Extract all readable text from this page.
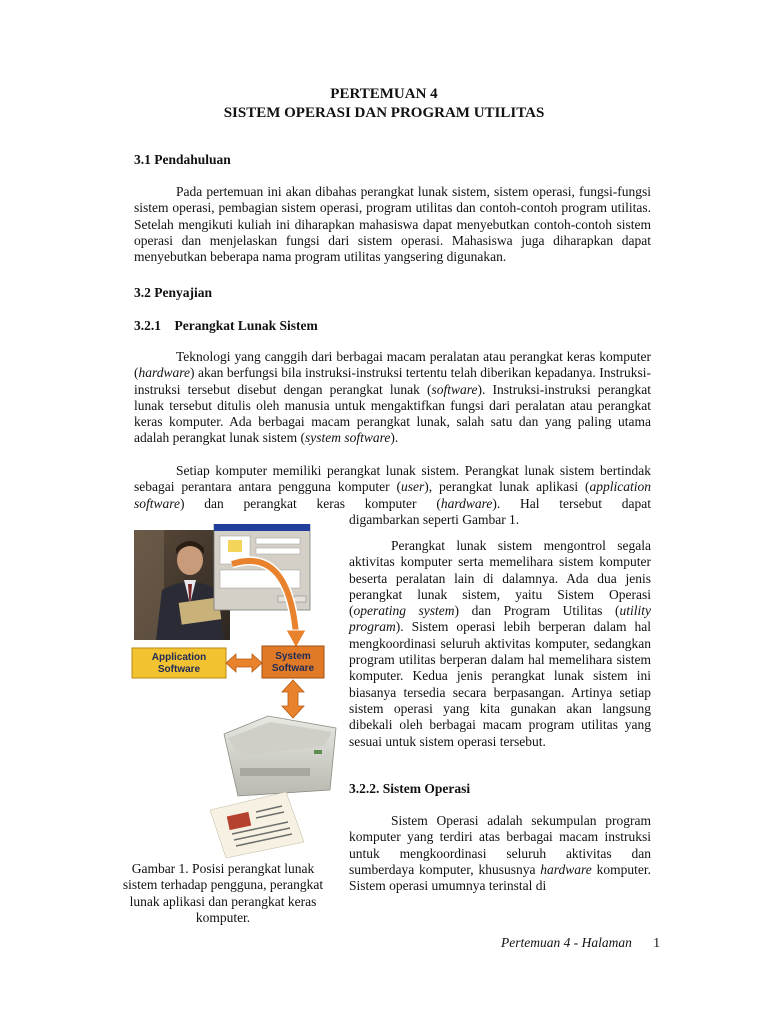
PERTEMUAN 4
SISTEM OPERASI DAN PROGRAM UTILITAS
3.1 Pendahuluan

Pada pertemuan ini akan dibahas perangkat lunak sistem, sistem operasi, fungsi-fungsi sistem operasi, pembagian sistem operasi, program utilitas dan contoh-contoh program utilitas. Setelah mengikuti kuliah ini diharapkan mahasiswa dapat menyebutkan contoh-contoh sistem operasi dan menjelaskan fungsi dari sistem operasi. Mahasiswa juga diharapkan dapat menyebutkan beberapa nama program utilitas yangsering digunakan.

3.2 Penyajian
3.2.1    Perangkat Lunak Sistem

Teknologi yang canggih dari berbagai macam peralatan atau perangkat keras komputer (hardware) akan berfungsi bila instruksi-instruksi tertentu telah diberikan kepadanya. Instruksi-instruksi tersebut disebut dengan perangkat lunak (software). Instruksi-instruksi perangkat lunak tersebut ditulis oleh manusia untuk mengaktifkan fungsi dari peralatan atau perangkat keras komputer. Ada berbagai macam perangkat lunak, salah satu dan yang paling utama adalah perangkat lunak sistem (system software).

Setiap komputer memiliki perangkat lunak sistem. Perangkat lunak sistem bertindak sebagai perantara antara pengguna komputer (user), perangkat lunak aplikasi (application software) dan perangkat keras komputer (hardware). Hal tersebut dapat

digambarkan seperti Gambar 1.

Perangkat lunak sistem mengontrol segala aktivitas komputer serta memelihara sistem komputer beserta peralatan lain di dalamnya. Ada dua jenis perangkat lunak sistem, yaitu Sistem Operasi (operating system) dan Program Utilitas (utility program). Sistem operasi lebih berperan dalam hal mengkoordinasi seluruh aktivitas komputer, sedangkan program utilitas berperan dalam hal memelihara sistem komputer. Kedua jenis perangkat lunak sistem ini biasanya tersedia secara berpasangan. Artinya setiap sistem operasi yang kita gunakan akan langsung dibekali oleh berbagai macam program utilitas yang sesuai untuk sistem operasi tersebut.

3.2.2. Sistem Operasi

Sistem Operasi adalah sekumpulan program komputer yang terdiri atas berbagai macam instruksi untuk mengkoordinasi seluruh aktivitas dan sumberdaya komputer, khususnya hardware komputer. Sistem operasi umumnya terinstal di

Application
Software
System
Software

Gambar 1. Posisi perangkat lunak sistem terhadap pengguna, perangkat lunak aplikasi dan perangkat keras komputer.

Pertemuan 4 - Halaman 1
